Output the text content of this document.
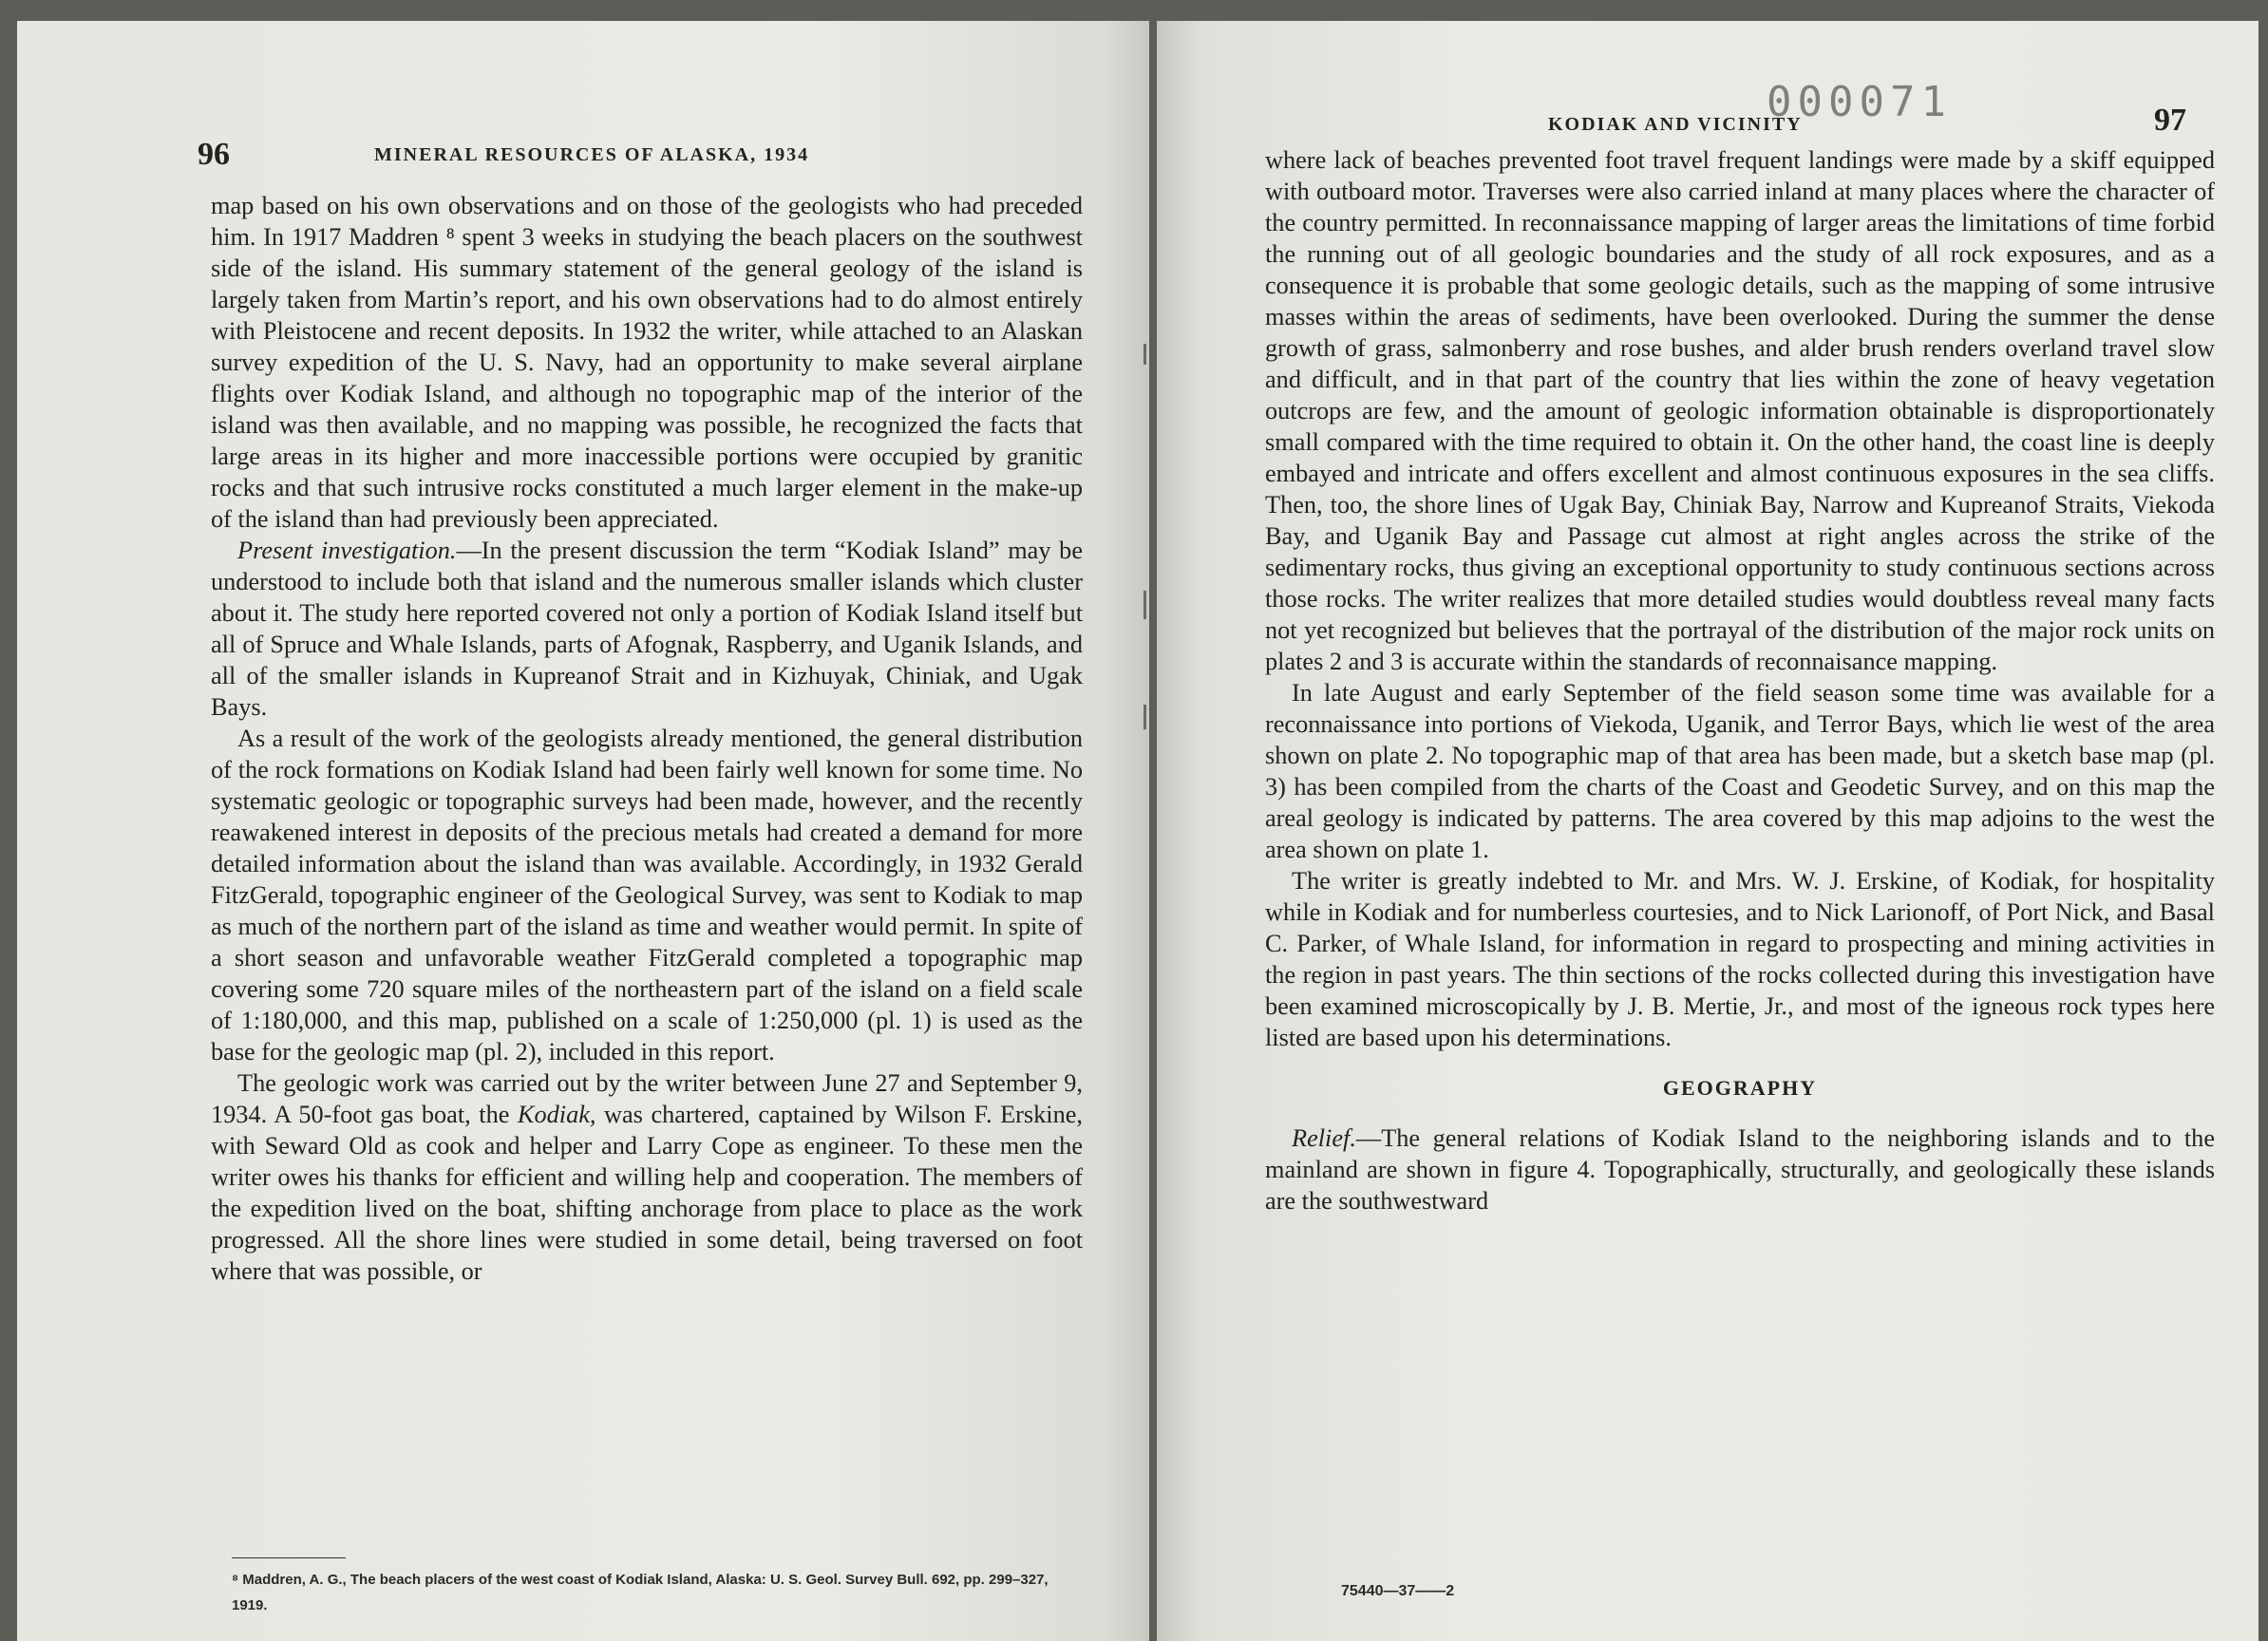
96	MINERAL RESOURCES OF ALASKA, 1934

map based on his own observations and on those of the geologists who had preceded him. In 1917 Maddren ⁸ spent 3 weeks in studying the beach placers on the southwest side of the island. His summary statement of the general geology of the island is largely taken from Martin’s report, and his own observations had to do almost entirely with Pleistocene and recent deposits. In 1932 the writer, while attached to an Alaskan survey expedition of the U. S. Navy, had an opportunity to make several airplane flights over Kodiak Island, and although no topographic map of the interior of the island was then available, and no mapping was possible, he recognized the facts that large areas in its higher and more inaccessible portions were occupied by granitic rocks and that such intrusive rocks constituted a much larger element in the make-up of the island than had previously been appreciated.

Present investigation.—In the present discussion the term “Kodiak Island” may be understood to include both that island and the numerous smaller islands which cluster about it. The study here reported covered not only a portion of Kodiak Island itself but all of Spruce and Whale Islands, parts of Afognak, Raspberry, and Uganik Islands, and all of the smaller islands in Kupreanof Strait and in Kizhuyak, Chiniak, and Ugak Bays.

As a result of the work of the geologists already mentioned, the general distribution of the rock formations on Kodiak Island had been fairly well known for some time. No systematic geologic or topographic surveys had been made, however, and the recently reawakened interest in deposits of the precious metals had created a demand for more detailed information about the island than was available. Accordingly, in 1932 Gerald FitzGerald, topographic engineer of the Geological Survey, was sent to Kodiak to map as much of the northern part of the island as time and weather would permit. In spite of a short season and unfavorable weather FitzGerald completed a topographic map covering some 720 square miles of the northeastern part of the island on a field scale of 1:180,000, and this map, published on a scale of 1:250,000 (pl. 1) is used as the base for the geologic map (pl. 2), included in this report.

The geologic work was carried out by the writer between June 27 and September 9, 1934. A 50-foot gas boat, the Kodiak, was chartered, captained by Wilson F. Erskine, with Seward Old as cook and helper and Larry Cope as engineer. To these men the writer owes his thanks for efficient and willing help and cooperation. The members of the expedition lived on the boat, shifting anchorage from place to place as the work progressed. All the shore lines were studied in some detail, being traversed on foot where that was possible, or

⁸ Maddren, A. G., The beach placers of the west coast of Kodiak Island, Alaska: U. S. Geol. Survey Bull. 692, pp. 299–327, 1919.
KODIAK AND VICINITY
000071	97

where lack of beaches prevented foot travel frequent landings were made by a skiff equipped with outboard motor. Traverses were also carried inland at many places where the character of the country permitted. In reconnaissance mapping of larger areas the limitations of time forbid the running out of all geologic boundaries and the study of all rock exposures, and as a consequence it is probable that some geologic details, such as the mapping of some intrusive masses within the areas of sediments, have been overlooked. During the summer the dense growth of grass, salmonberry and rose bushes, and alder brush renders overland travel slow and difficult, and in that part of the country that lies within the zone of heavy vegetation outcrops are few, and the amount of geologic information obtainable is disproportionately small compared with the time required to obtain it. On the other hand, the coast line is deeply embayed and intricate and offers excellent and almost continuous exposures in the sea cliffs. Then, too, the shore lines of Ugak Bay, Chiniak Bay, Narrow and Kupreanof Straits, Viekoda Bay, and Uganik Bay and Passage cut almost at right angles across the strike of the sedimentary rocks, thus giving an exceptional opportunity to study continuous sections across those rocks. The writer realizes that more detailed studies would doubtless reveal many facts not yet recognized but believes that the portrayal of the distribution of the major rock units on plates 2 and 3 is accurate within the standards of reconnaisance mapping.

In late August and early September of the field season some time was available for a reconnaissance into portions of Viekoda, Uganik, and Terror Bays, which lie west of the area shown on plate 2. No topographic map of that area has been made, but a sketch base map (pl. 3) has been compiled from the charts of the Coast and Geodetic Survey, and on this map the areal geology is indicated by patterns. The area covered by this map adjoins to the west the area shown on plate 1.

The writer is greatly indebted to Mr. and Mrs. W. J. Erskine, of Kodiak, for hospitality while in Kodiak and for numberless courtesies, and to Nick Larionoff, of Port Nick, and Basal C. Parker, of Whale Island, for information in regard to prospecting and mining activities in the region in past years. The thin sections of the rocks collected during this investigation have been examined microscopically by J. B. Mertie, Jr., and most of the igneous rock types here listed are based upon his determinations.

GEOGRAPHY

Relief.—The general relations of Kodiak Island to the neighboring islands and to the mainland are shown in figure 4. Topographically, structurally, and geologically these islands are the southwestward

75440—37——2
